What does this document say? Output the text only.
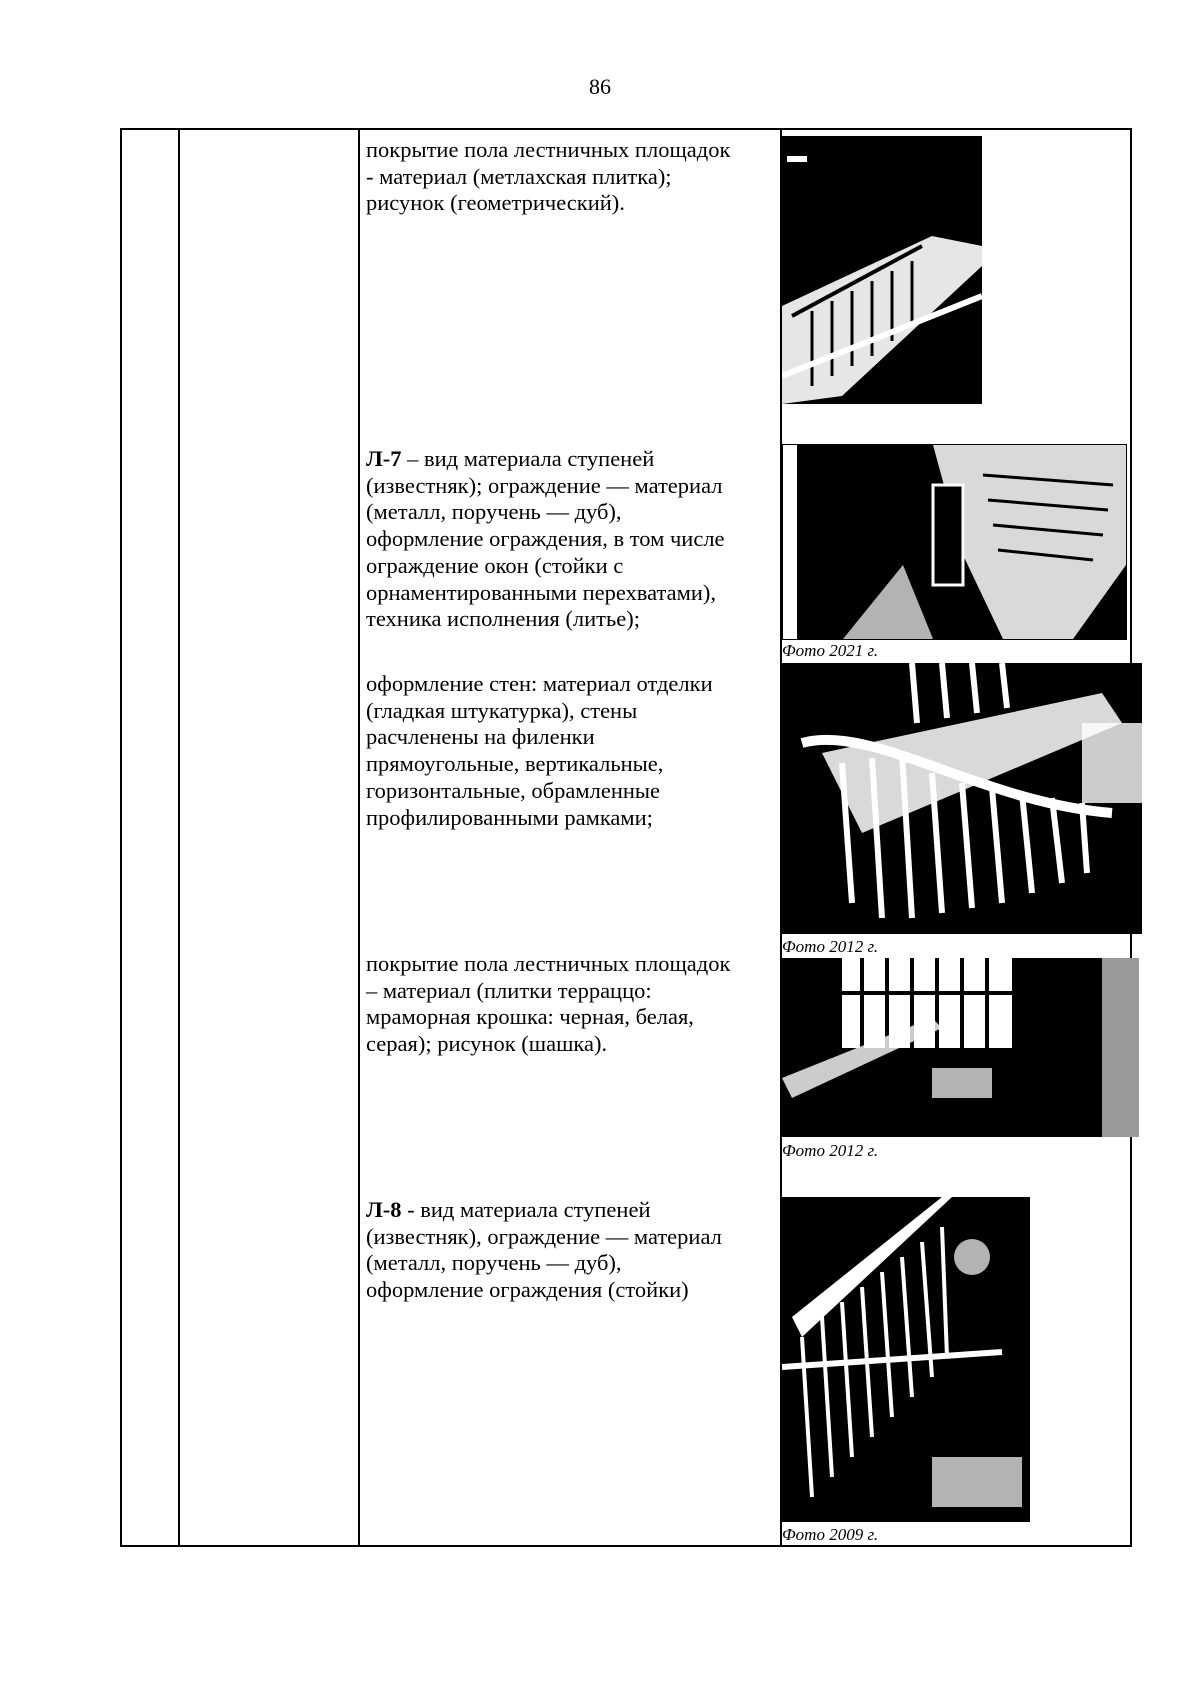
86
покрытие пола лестничных площадок
- материал (метлахская плитка);
рисунок (геометрический).
Л-7 – вид материала ступеней
(известняк); ограждение — материал
(металл, поручень — дуб),
оформление ограждения, в том числе
ограждение окон (стойки с
орнаментированными перехватами),
техника исполнения (литье);
оформление стен: материал отделки
(гладкая штукатурка), стены
расчленены на филенки
прямоугольные, вертикальные,
горизонтальные, обрамленные
профилированными рамками;
покрытие пола лестничных площадок
– материал (плитки терраццо:
мраморная крошка: черная, белая,
серая); рисунок (шашка).
Л-8 - вид материала ступеней
(известняк), ограждение — материал
(металл, поручень — дуб),
оформление ограждения (стойки)
Фото 2021 г.
Фото 2012 г.
Фото 2012 г.
Фото 2009 г.
